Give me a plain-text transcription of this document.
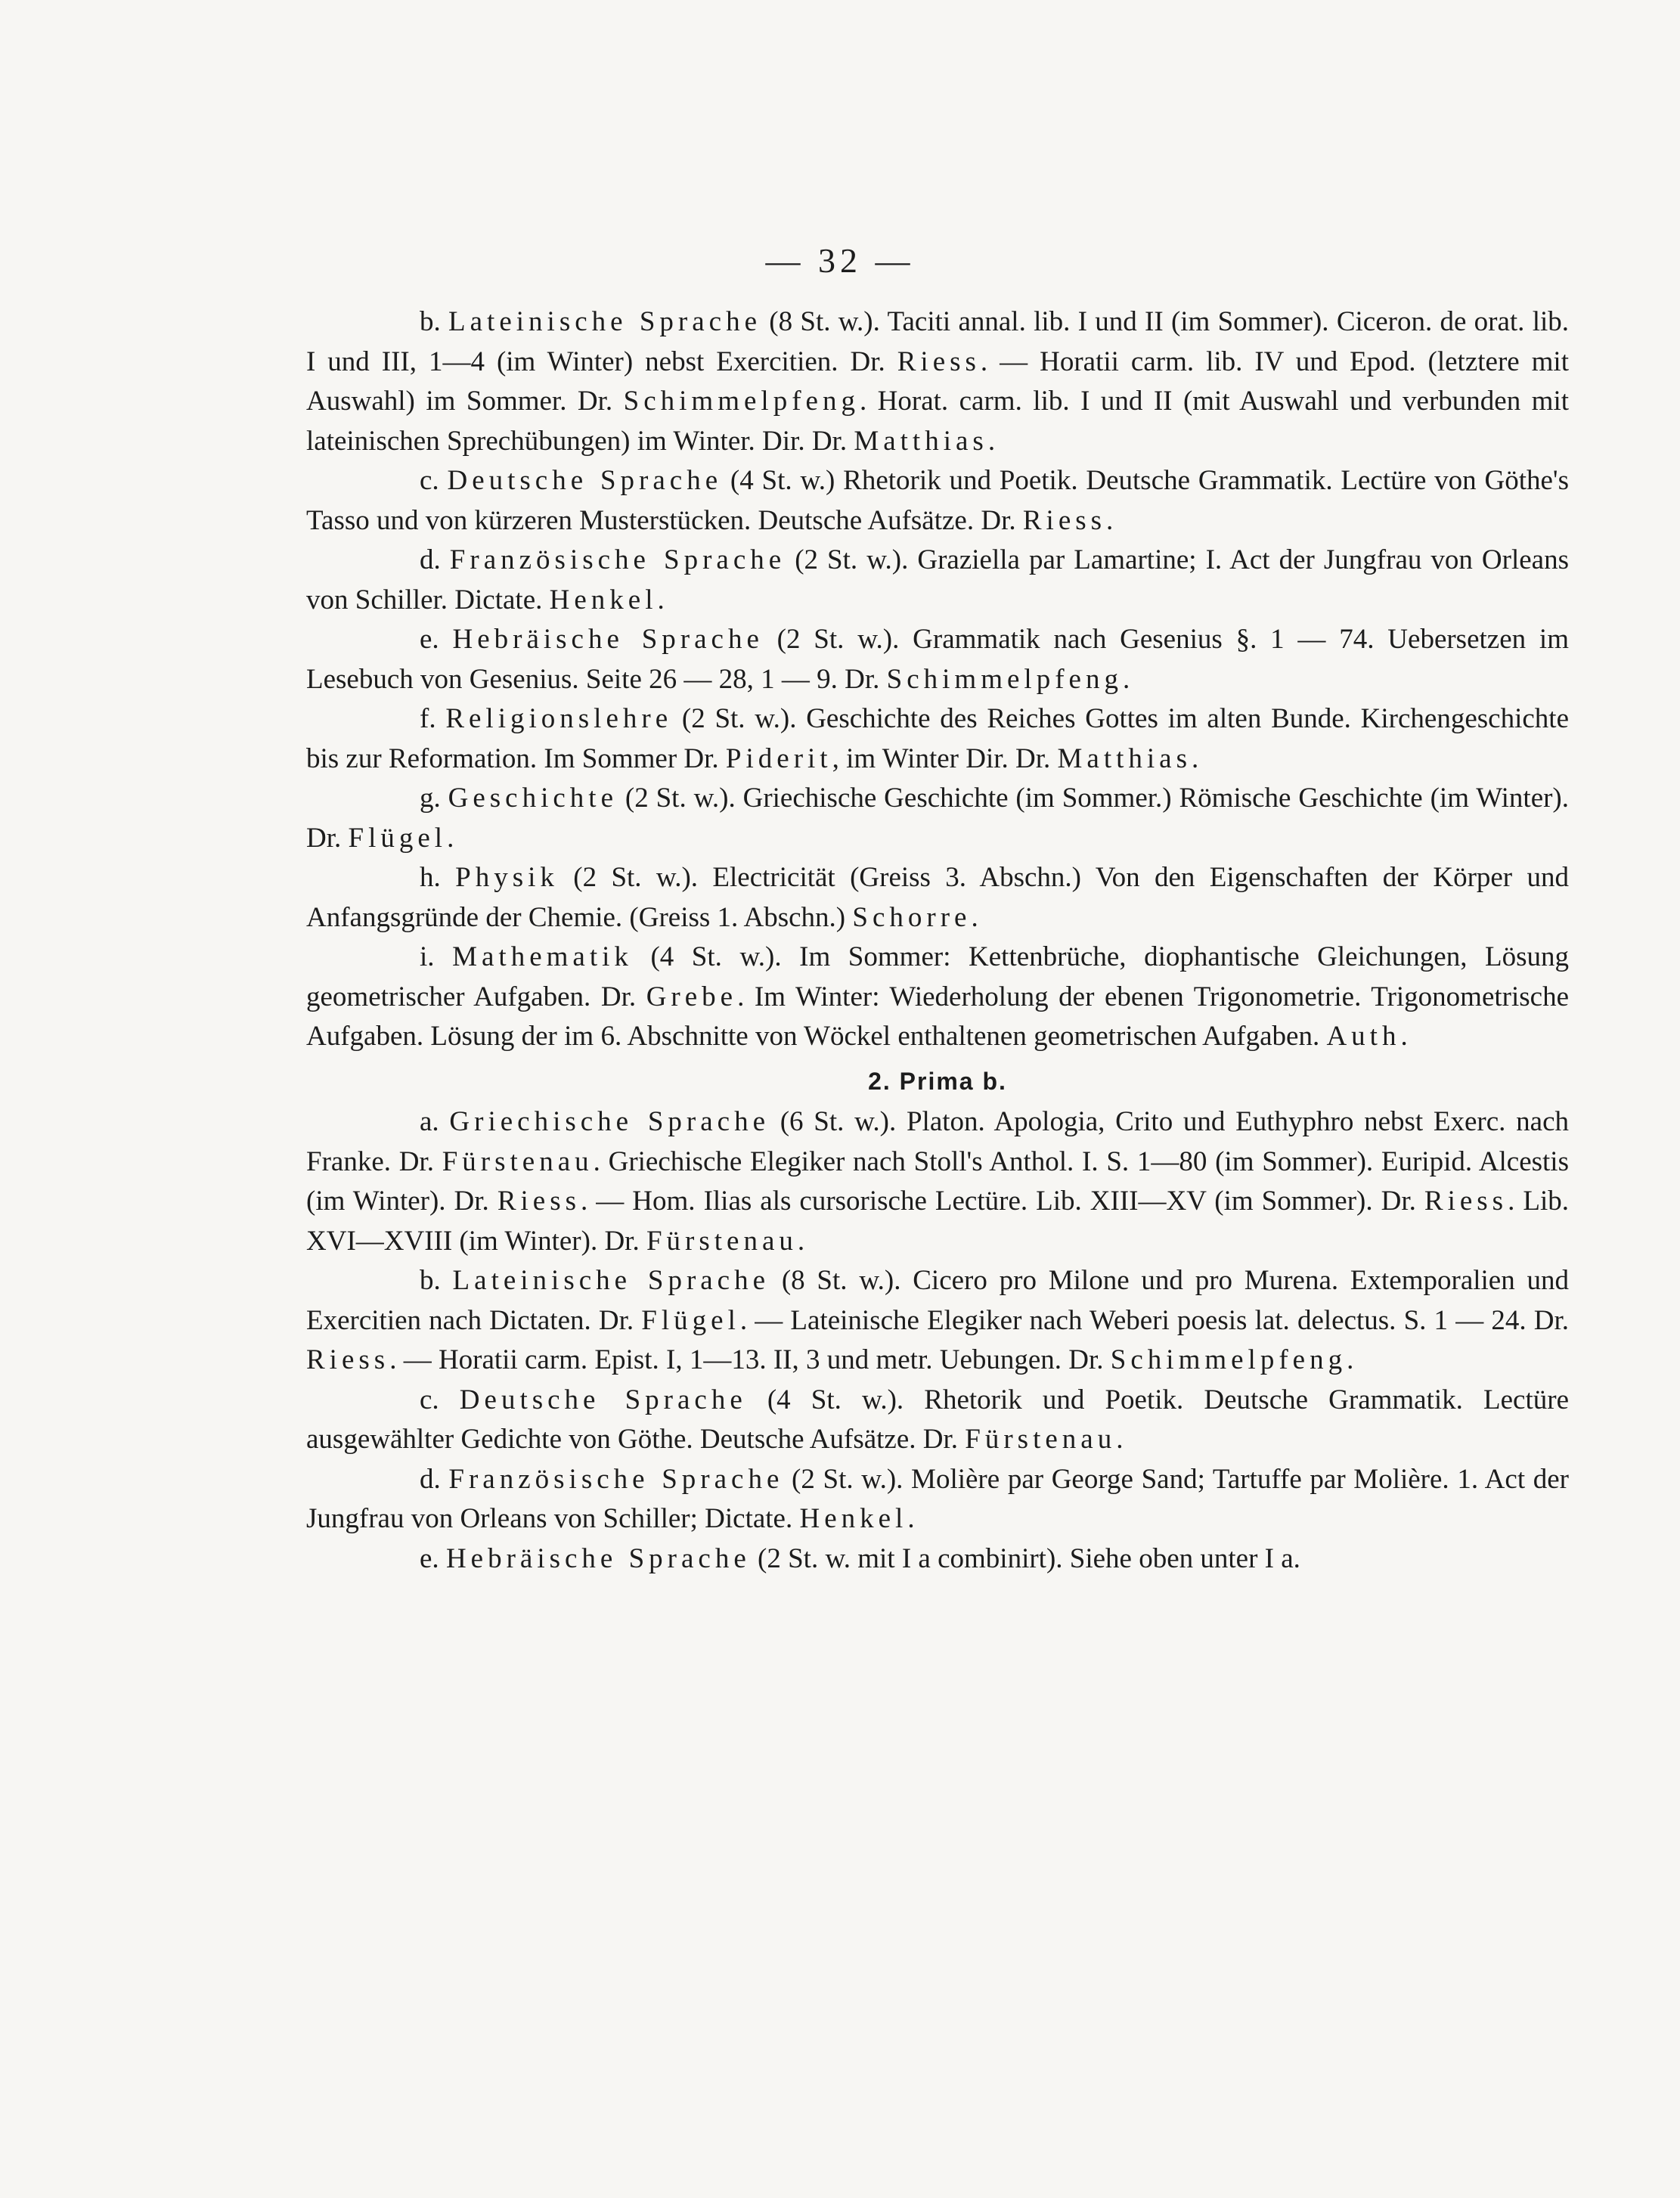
— 32 —

b. Lateinische Sprache (8 St. w.). Taciti annal. lib. I und II (im Sommer). Ciceron. de orat. lib. I und III, 1—4 (im Winter) nebst Exercitien. Dr. Riess. — Horatii carm. lib. IV und Epod. (letztere mit Auswahl) im Sommer. Dr. Schimmelpfeng. Horat. carm. lib. I und II (mit Auswahl und verbunden mit lateinischen Sprechübungen) im Winter. Dir. Dr. Matthias.

c. Deutsche Sprache (4 St. w.) Rhetorik und Poetik. Deutsche Grammatik. Lectüre von Göthe's Tasso und von kürzeren Musterstücken. Deutsche Aufsätze. Dr. Riess.

d. Französische Sprache (2 St. w.). Graziella par Lamartine; I. Act der Jungfrau von Orleans von Schiller. Dictate. Henkel.

e. Hebräische Sprache (2 St. w.). Grammatik nach Gesenius §. 1 — 74. Uebersetzen im Lesebuch von Gesenius. Seite 26 — 28, 1 — 9. Dr. Schimmelpfeng.

f. Religionslehre (2 St. w.). Geschichte des Reiches Gottes im alten Bunde. Kirchengeschichte bis zur Reformation. Im Sommer Dr. Piderit, im Winter Dir. Dr. Matthias.

g. Geschichte (2 St. w.). Griechische Geschichte (im Sommer.) Römische Geschichte (im Winter). Dr. Flügel.

h. Physik (2 St. w.). Electricität (Greiss 3. Abschn.) Von den Eigenschaften der Körper und Anfangsgründe der Chemie. (Greiss 1. Abschn.) Schorre.

i. Mathematik (4 St. w.). Im Sommer: Kettenbrüche, diophantische Gleichungen, Lösung geometrischer Aufgaben. Dr. Grebe. Im Winter: Wiederholung der ebenen Trigonometrie. Trigonometrische Aufgaben. Lösung der im 6. Abschnitte von Wöckel enthaltenen geometrischen Aufgaben. Auth.

2. Prima b.

a. Griechische Sprache (6 St. w.). Platon. Apologia, Crito und Euthyphro nebst Exerc. nach Franke. Dr. Fürstenau. Griechische Elegiker nach Stoll's Anthol. I. S. 1—80 (im Sommer). Euripid. Alcestis (im Winter). Dr. Riess. — Hom. Ilias als cursorische Lectüre. Lib. XIII—XV (im Sommer). Dr. Riess. Lib. XVI—XVIII (im Winter). Dr. Fürstenau.

b. Lateinische Sprache (8 St. w.). Cicero pro Milone und pro Murena. Extemporalien und Exercitien nach Dictaten. Dr. Flügel. — Lateinische Elegiker nach Weberi poesis lat. delectus. S. 1 — 24. Dr. Riess. — Horatii carm. Epist. I, 1—13. II, 3 und metr. Uebungen. Dr. Schimmelpfeng.

c. Deutsche Sprache (4 St. w.). Rhetorik und Poetik. Deutsche Grammatik. Lectüre ausgewählter Gedichte von Göthe. Deutsche Aufsätze. Dr. Fürstenau.

d. Französische Sprache (2 St. w.). Molière par George Sand; Tartuffe par Molière. 1. Act der Jungfrau von Orleans von Schiller; Dictate. Henkel.

e. Hebräische Sprache (2 St. w. mit I a combinirt). Siehe oben unter I a.
